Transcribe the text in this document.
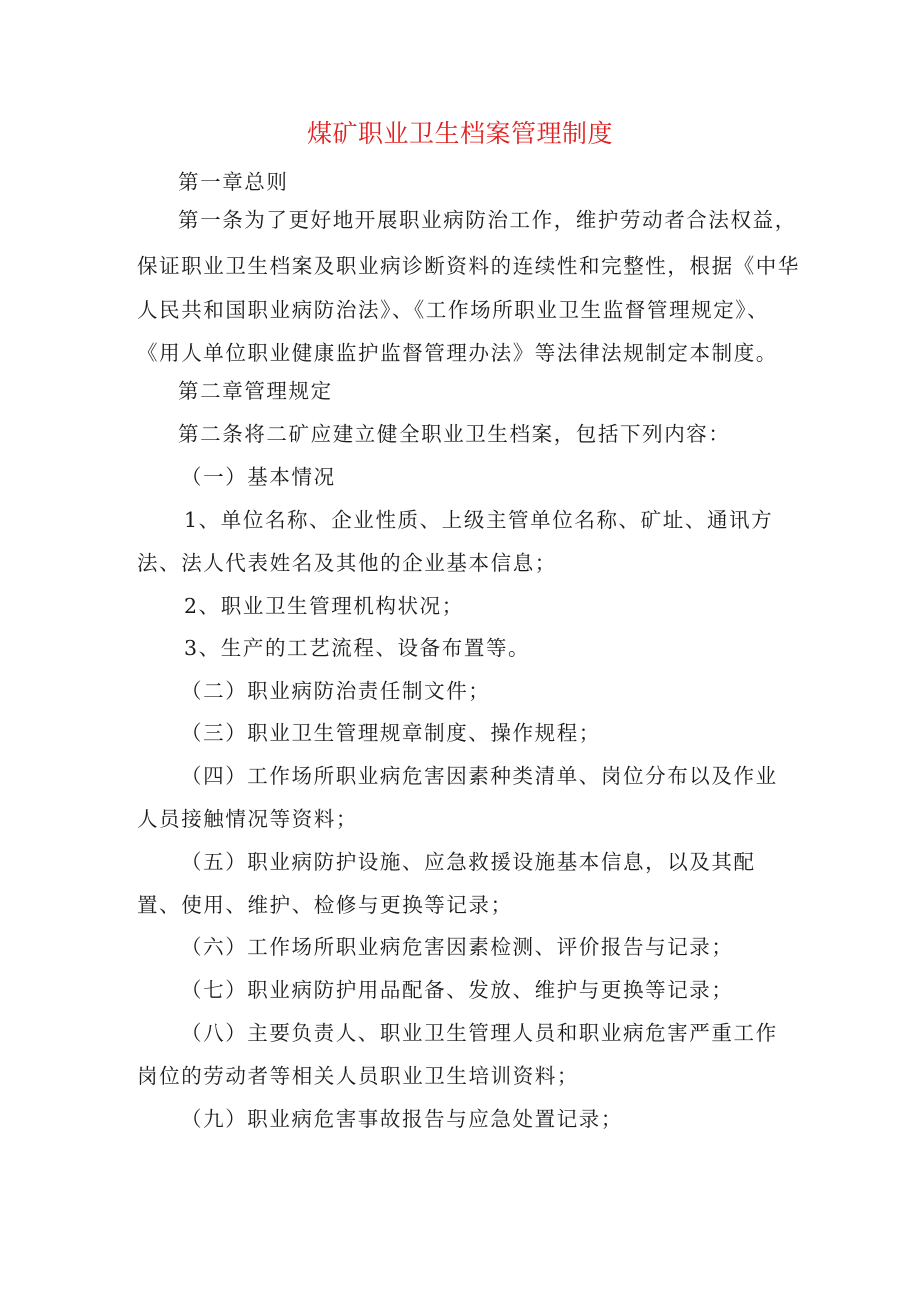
煤矿职业卫生档案管理制度
第一章总则
第一条为了更好地开展职业病防治工作，维护劳动者合法权益，
保证职业卫生档案及职业病诊断资料的连续性和完整性，根据《中华
人民共和国职业病防治法》、《工作场所职业卫生监督管理规定》、
《用人单位职业健康监护监督管理办法》等法律法规制定本制度。
第二章管理规定
第二条将二矿应建立健全职业卫生档案，包括下列内容：
（一）基本情况
1、单位名称、企业性质、上级主管单位名称、矿址、通讯方
法、法人代表姓名及其他的企业基本信息；
2、职业卫生管理机构状况；
3、生产的工艺流程、设备布置等。
（二）职业病防治责任制文件；
（三）职业卫生管理规章制度、操作规程；
（四）工作场所职业病危害因素种类清单、岗位分布以及作业
人员接触情况等资料；
（五）职业病防护设施、应急救援设施基本信息，以及其配
置、使用、维护、检修与更换等记录；
（六）工作场所职业病危害因素检测、评价报告与记录；
（七）职业病防护用品配备、发放、维护与更换等记录；
（八）主要负责人、职业卫生管理人员和职业病危害严重工作
岗位的劳动者等相关人员职业卫生培训资料；
（九）职业病危害事故报告与应急处置记录；
